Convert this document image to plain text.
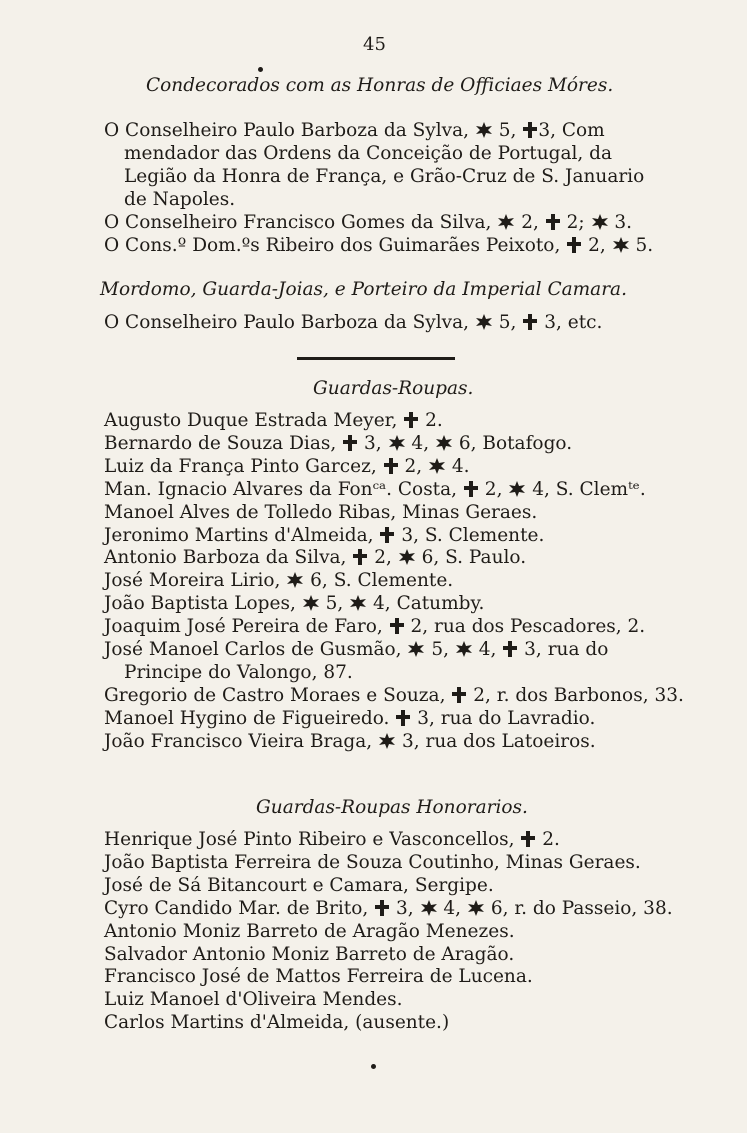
45
Condecorados com as Honras de Officiaes Móres.
O Conselheiro Paulo Barboza da Sylva,  5, 3, Com
mendador das Ordens da Conceição de Portugal, da
Legião da Honra de França, e Grão-Cruz de S. Januario
de Napoles.
O Conselheiro Francisco Gomes da Silva,  2,  2;  3.
O Cons.º Dom.ºs Ribeiro dos Guimarães Peixoto,  2,  5.
Mordomo, Guarda-Joias, e Porteiro da Imperial Camara.
O Conselheiro Paulo Barboza da Sylva,  5,  3, etc.
Guardas-Roupas.
Augusto Duque Estrada Meyer,  2.
Bernardo de Souza Dias,  3,  4,  6, Botafogo.
Luiz da França Pinto Garcez,  2,  4.
Man. Ignacio Alvares da Fonᶜᵃ. Costa,  2,  4, S. Clemᵗᵉ.
Manoel Alves de Tolledo Ribas, Minas Geraes.
Jeronimo Martins d'Almeida,  3, S. Clemente.
Antonio Barboza da Silva,  2,  6, S. Paulo.
José Moreira Lirio,  6, S. Clemente.
João Baptista Lopes,  5,  4, Catumby.
Joaquim José Pereira de Faro,  2, rua dos Pescadores, 2.
José Manoel Carlos de Gusmão,  5,  4,  3, rua do
Principe do Valongo, 87.
Gregorio de Castro Moraes e Souza,  2, r. dos Barbonos, 33.
Manoel Hygino de Figueiredo.  3, rua do Lavradio.
João Francisco Vieira Braga,  3, rua dos Latoeiros.
Guardas-Roupas Honorarios.
Henrique José Pinto Ribeiro e Vasconcellos,  2.
João Baptista Ferreira de Souza Coutinho, Minas Geraes.
José de Sá Bitancourt e Camara, Sergipe.
Cyro Candido Mar. de Brito,  3,  4,  6, r. do Passeio, 38.
Antonio Moniz Barreto de Aragão Menezes.
Salvador Antonio Moniz Barreto de Aragão.
Francisco José de Mattos Ferreira de Lucena.
Luiz Manoel d'Oliveira Mendes.
Carlos Martins d'Almeida, (ausente.)
